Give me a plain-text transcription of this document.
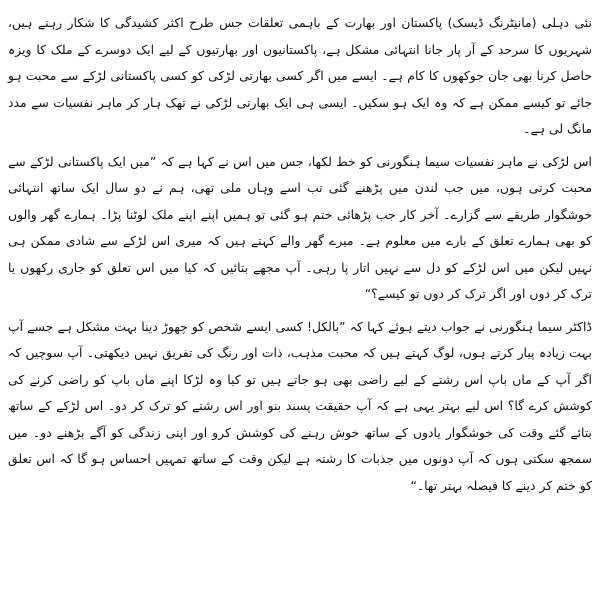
نئی دہلی (مانیٹرنگ ڈیسک) پاکستان اور بھارت کے باہمی تعلقات جس طرح اکثر کشیدگی کا شکار رہتے ہیں، شہریوں کا سرحد کے آر پار جانا انتہائی مشکل ہے، پاکستانیوں اور بھارتیوں کے لیے ایک دوسرے کے ملک کا ویزہ حاصل کرنا بھی جان جوکھوں کا کام ہے۔ ایسے میں اگر کسی بھارتی لڑکی کو کسی پاکستانی لڑکے سے محبت ہو جائے تو کیسے ممکن ہے کہ وہ ایک ہو سکیں۔ ایسی ہی ایک بھارتی لڑکی نے تھک ہار کر ماہر نفسیات سے مدد مانگ لی ہے۔

اس لڑکی نے ماہر نفسیات سیما ہنگورنی کو خط لکھا، جس میں اس نے کہا ہے کہ ”میں ایک پاکستانی لڑکے سے محبت کرتی ہوں، میں جب لندن میں پڑھنے گئی تب اسے وہاں ملی تھی، ہم نے دو سال ایک ساتھ انتہائی خوشگوار طریقے سے گزارے۔ آخر کار جب پڑھائی ختم ہو گئی تو ہمیں اپنے اپنے ملک لوٹنا پڑا۔ ہمارے گھر والوں کو بھی ہمارے تعلق کے بارے میں معلوم ہے۔ میرے گھر والے کہتے ہیں کہ میری اس لڑکے سے شادی ممکن ہی نہیں لیکن میں اس لڑکے کو دل سے نہیں اتار پا رہی۔ آپ مجھے بتائیں کہ کیا میں اس تعلق کو جاری رکھوں یا ترک کر دوں اور اگر ترک کر دوں تو کیسے؟“

ڈاکٹر سیما ہنگورنی نے جواب دیتے ہوئے کہا کہ ”بالکل! کسی ایسے شخص کو چھوڑ دینا بہت مشکل ہے جسے آپ بہت زیادہ پیار کرتے ہوں، لوگ کہتے ہیں کہ محبت مذہب، ذات اور رنگ کی تفریق نہیں دیکھتی۔ آپ سوچیں کہ اگر آپ کے ماں باپ اس رشتے کے لیے راضی بھی ہو جاتے ہیں تو کیا وہ لڑکا اپنے ماں باپ کو راضی کرنے کی کوشش کرے گا؟ اس لیے بہتر یہی ہے کہ آپ حقیقت پسند بنو اور اس رشتے کو ترک کر دو۔ اس لڑکے کے ساتھ بتائے گئے وقت کی خوشگوار یادوں کے ساتھ خوش رہنے کی کوشش کرو اور اپنی زندگی کو آگے بڑھنے دو۔ میں سمجھ سکتی ہوں کہ آپ دونوں میں جذبات کا رشتہ ہے لیکن وقت کے ساتھ تمہیں احساس ہو گا کہ اس تعلق کو ختم کر دینے کا فیصلہ بہتر تھا۔“
